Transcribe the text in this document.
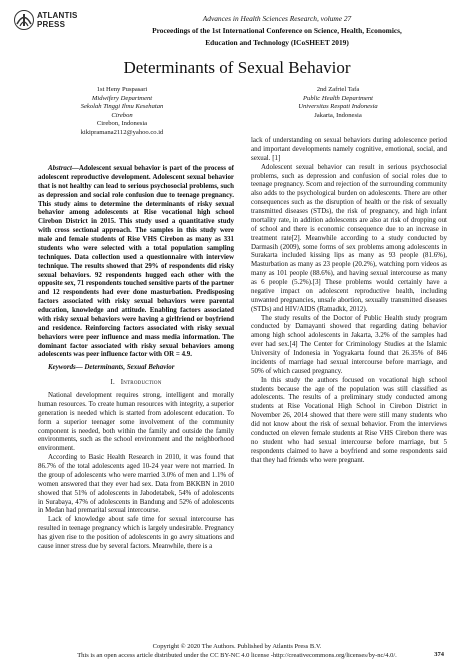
ATLANTIS
PRESS
Advances in Health Sciences Research, volume 27
Proceedings of the 1st International Conference on Science, Health, Economics,
Education and Technology (ICoSHEET 2019)
Determinants of Sexual Behavior
1st Heny Puspasari
Midwifery Department
Sekolah Tinggi Ilmu Kesehatan
Cirebon
Cirebon, Indonesia
kikipramana2112@yahoo.co.id
2nd Zafriel Tafa
Public Health Department
Universitas Respati Indonesia
Jakarta, Indonesia

Abstract—Adolescent sexual behavior is part of the process of adolescent reproductive development. Adolescent sexual behavior that is not healthy can lead to serious psychosocial problems, such as depression and social role confusion due to teenage pregnancy. This study aims to determine the determinants of risky sexual behavior among adolescents at Rise vocational high school Cirebon District in 2015. This study used a quantitative study with cross sectional approach. The samples in this study were male and female students of Rise VHS Cirebon as many as 331 students who were selected with a total population sampling techniques. Data collection used a questionnaire with interview technique. The results showed that 29% of respondents did risky sexual behaviors. 92 respondents hugged each other with the opposite sex, 71 respondents touched sensitive parts of the partner and 12 respondents had ever done masturbation. Predisposing factors associated with risky sexual behaviors were parental education, knowledge and attitude. Enabling factors associated with risky sexual behaviors were having a girlfriend or boyfriend and residence. Reinforcing factors associated with risky sexual behaviors were peer influence and mass media information. The dominant factor associated with risky sexual behaviors among adolescents was peer influence factor with OR = 4.9.

Keywords— Determinants, Sexual Behavior

I. Introduction

National development requires strong, intelligent and morally human resources. To create human resources with integrity, a superior generation is needed which is started from adolescent education. To form a superior teenager some involvement of the community component is needed, both within the family and outside the family environments, such as the school environment and the neighborhood environment.

According to Basic Health Research in 2010, it was found that 86.7% of the total adolescents aged 10-24 year were not married. In the group of adolescents who were married 3.0% of men and 1.1% of women answered that they ever had sex. Data from BKKBN in 2010 showed that 51% of adolescents in Jabodetabek, 54% of adolescents in Surabaya, 47% of adolescents in Bandung and 52% of adolescents in Medan had premarital sexual intercourse.

Lack of knowledge about safe time for sexual intercourse has resulted in teenage pregnancy which is largely undesirable. Pregnancy has given rise to the position of adolescents in go awry situations and cause inner stress due by several factors. Meanwhile, there is a

lack of understanding on sexual behaviors during adolescence period and important developments namely cognitive, emotional, social, and sexual. [1]

Adolescent sexual behavior can result in serious psychosocial problems, such as depression and confusion of social roles due to teenage pregnancy. Scorn and rejection of the surrounding community also adds to the psychological burden on adolescents. There are other consequences such as the disruption of health or the risk of sexually transmitted diseases (STDs), the risk of pregnancy, and high infant mortality rate, in addition adolescents are also at risk of dropping out of school and there is economic consequence due to an increase in treatment rate[2]. Meanwhile according to a study conducted by Darmasih (2009), some forms of sex problems among adolescents in Surakarta included kissing lips as many as 93 people (81.6%), Masturbation as many as 23 people (20.2%), watching porn videos as many as 101 people (88.6%), and having sexual intercourse as many as 6 people (5.2%).[3] These problems would certainly have a negative impact on adolescent reproductive health, including unwanted pregnancies, unsafe abortion, sexually transmitted diseases (STDs) and HIV/AIDS (Ratnadkk, 2012).

The study results of the Doctor of Public Health study program conducted by Damayanti showed that regarding dating behavior among high school adolescents in Jakarta, 3.2% of the samples had ever had sex.[4] The Center for Criminology Studies at the Islamic University of Indonesia in Yogyakarta found that 26.35% of 846 incidents of marriage had sexual intercourse before marriage, and 50% of which caused pregnancy.

In this study the authors focused on vocational high school students because the age of the population was still classified as adolescents. The results of a preliminary study conducted among students at Rise Vocational High School in Cirebon District in November 26, 2014 showed that there were still many students who did not know about the risk of sexual behavior. From the interviews conducted on eleven female students at Rise VHS Cirebon there was no student who had sexual intercourse before marriage, but 5 respondents claimed to have a boyfriend and some respondents said that they had friends who were pregnant.

Copyright © 2020 The Authors. Published by Atlantis Press B.V.
This is an open access article distributed under the CC BY-NC 4.0 license -http://creativecommons.org/licenses/by-nc/4.0/.	374
